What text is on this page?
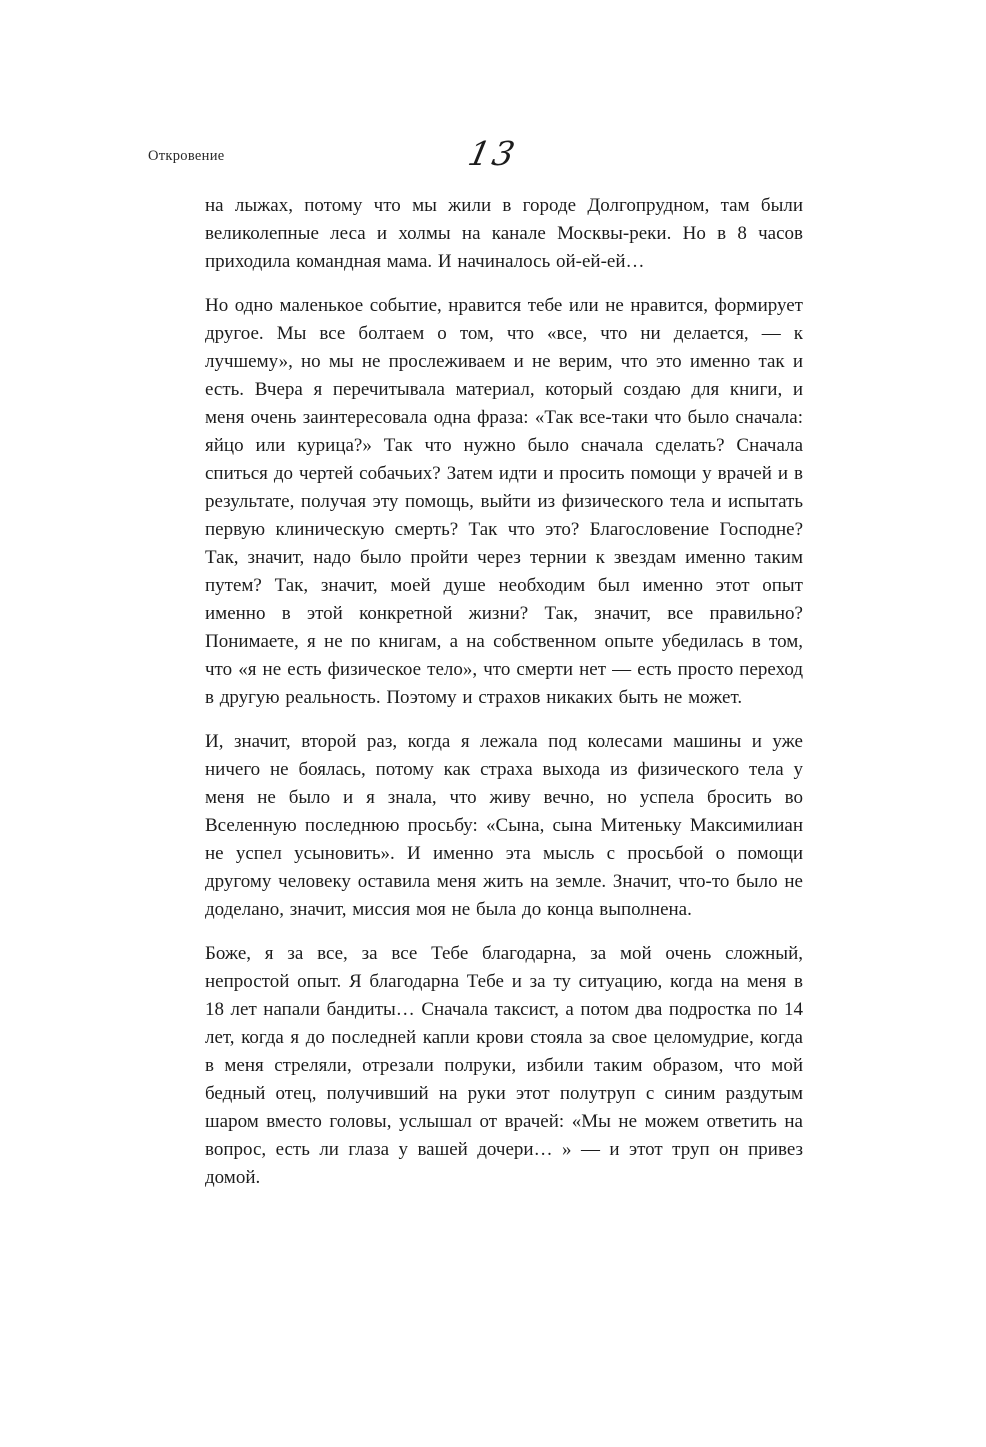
Откровение	13

на лыжах, потому что мы жили в городе Долгопрудном, там были великолепные леса и холмы на канале Москвы-реки. Но в 8 часов приходила командная мама. И начиналось ой-ей-ей…

Но одно маленькое событие, нравится тебе или не нравится, формирует другое. Мы все болтаем о том, что «все, что ни делается, — к лучшему», но мы не прослеживаем и не верим, что это именно так и есть. Вчера я перечитывала материал, который создаю для книги, и меня очень заинтересовала одна фраза: «Так все-таки что было сначала: яйцо или курица?» Так что нужно было сначала сделать? Сначала спиться до чертей собачьих? Затем идти и просить помощи у врачей и в результате, получая эту помощь, выйти из физического тела и испытать первую клиническую смерть? Так что это? Благословение Господне? Так, значит, надо было пройти через тернии к звездам именно таким путем? Так, значит, моей душе необходим был именно этот опыт именно в этой конкретной жизни? Так, значит, все правильно? Понимаете, я не по книгам, а на собственном опыте убедилась в том, что «я не есть физическое тело», что смерти нет — есть просто переход в другую реальность. Поэтому и страхов никаких быть не может.

И, значит, второй раз, когда я лежала под колесами машины и уже ничего не боялась, потому как страха выхода из физического тела у меня не было и я знала, что живу вечно, но успела бросить во Вселенную последнюю просьбу: «Сына, сына Митеньку Максимилиан не успел усыновить». И именно эта мысль с просьбой о помощи другому человеку оставила меня жить на земле. Значит, что-то было не доделано, значит, миссия моя не была до конца выполнена.

Боже, я за все, за все Тебе благодарна, за мой очень сложный, непростой опыт. Я благодарна Тебе и за ту ситуацию, когда на меня в 18 лет напали бандиты… Сначала таксист, а потом два подростка по 14 лет, когда я до последней капли крови стояла за свое целомудрие, когда в меня стреляли, отрезали полруки, избили таким образом, что мой бедный отец, получивший на руки этот полутруп с синим раздутым шаром вместо головы, услышал от врачей: «Мы не можем ответить на вопрос, есть ли глаза у вашей дочери… » — и этот труп он привез домой.
